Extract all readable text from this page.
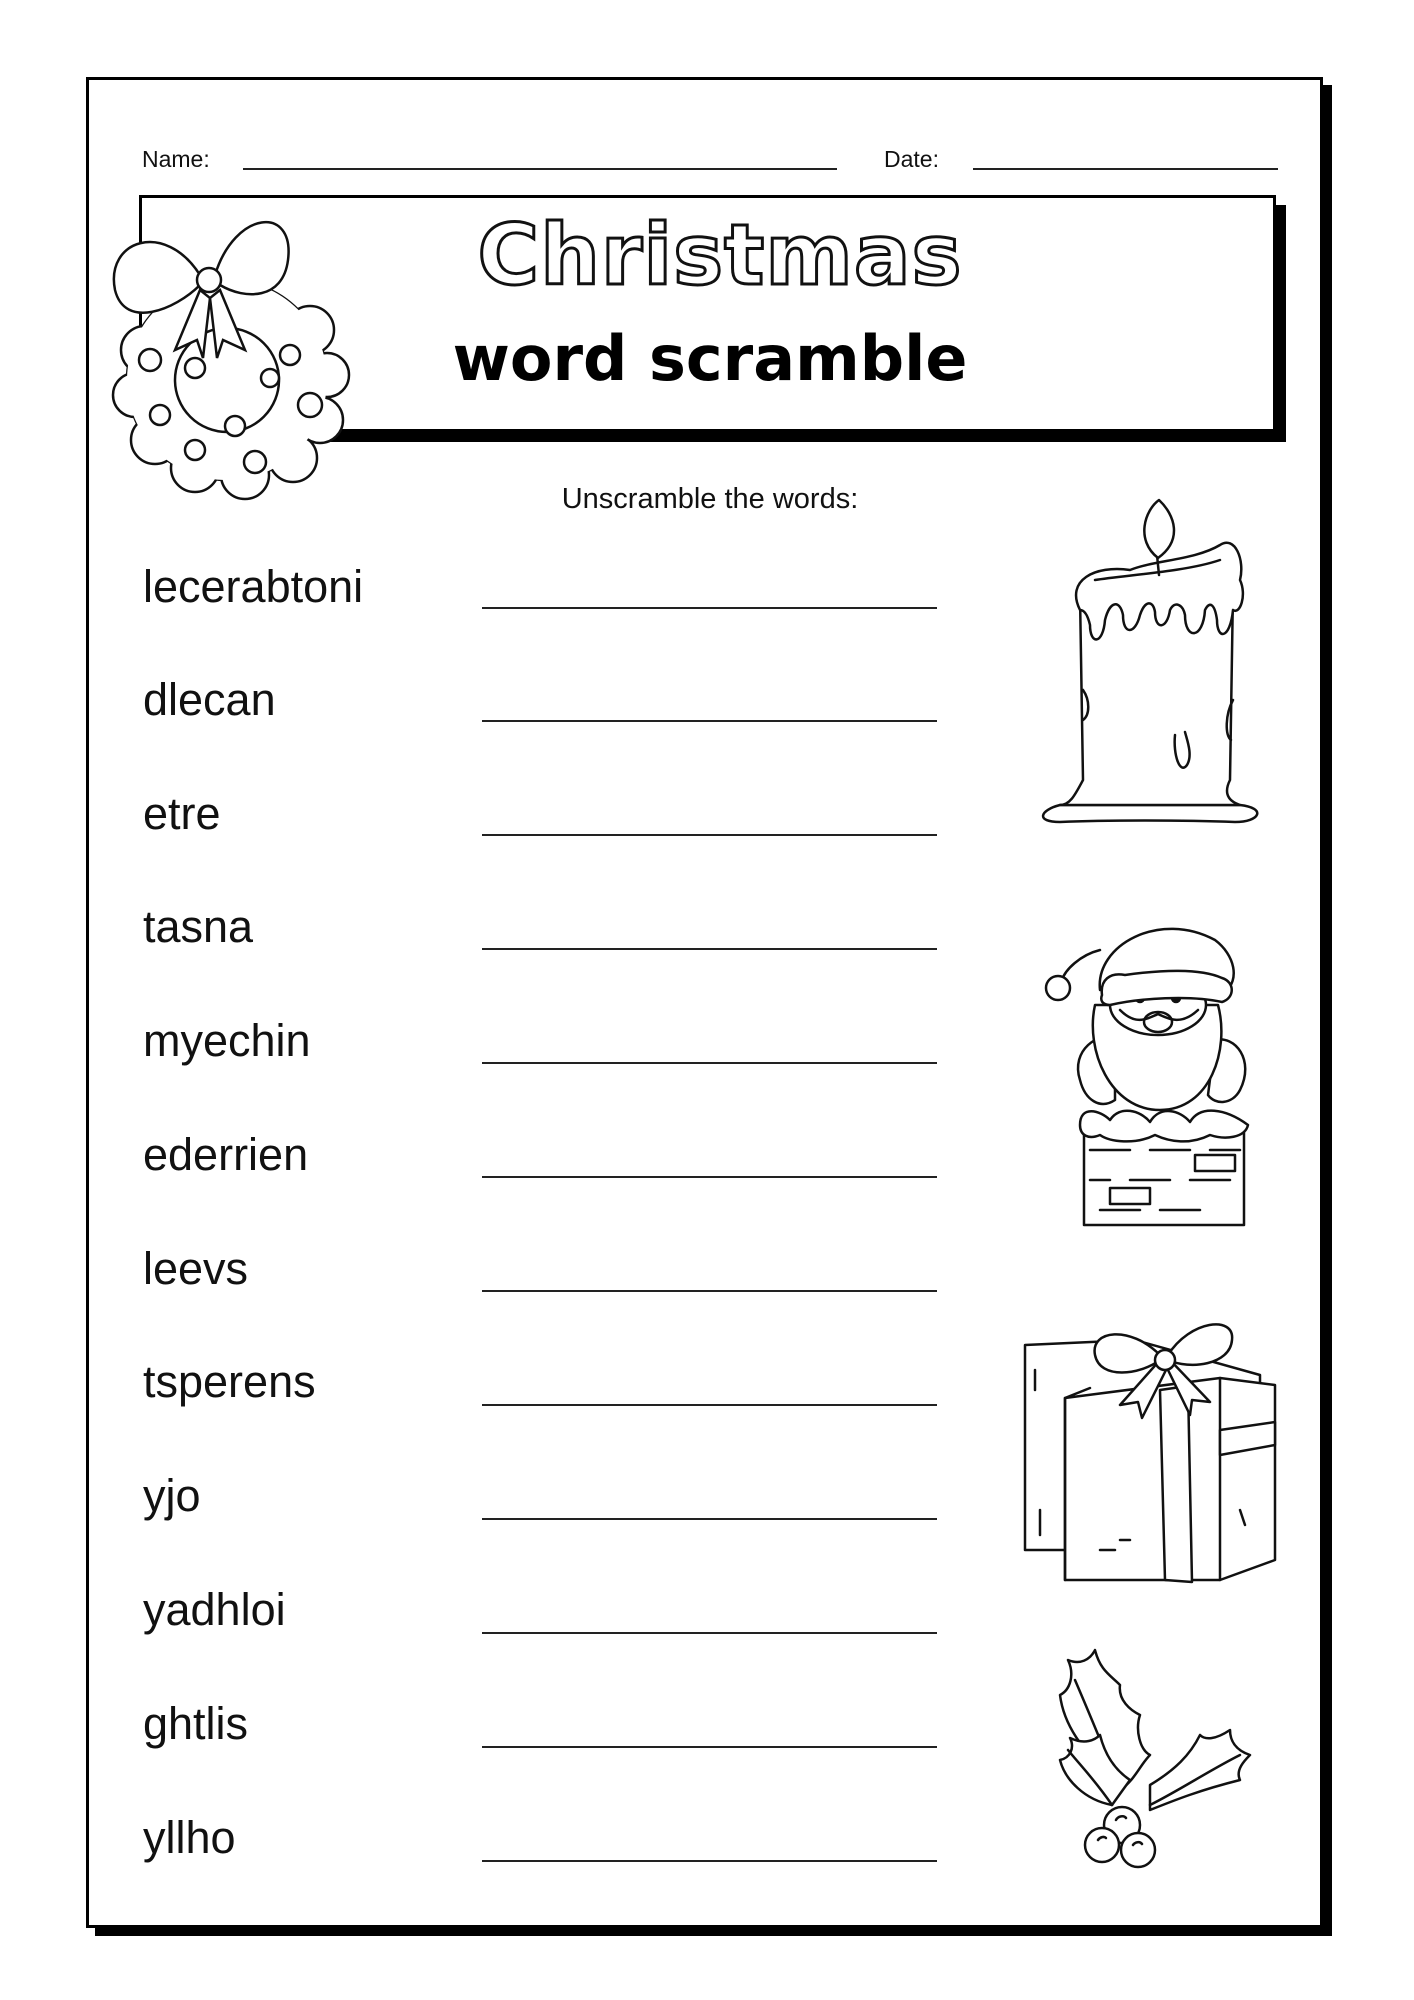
Name:	Date:
Christmas
word scramble
Unscramble the words:
lecerabtoni
dlecan
etre
tasna
myechin
ederrien
leevs
tsperens
yjo
yadhloi
ghtlis
yllho
